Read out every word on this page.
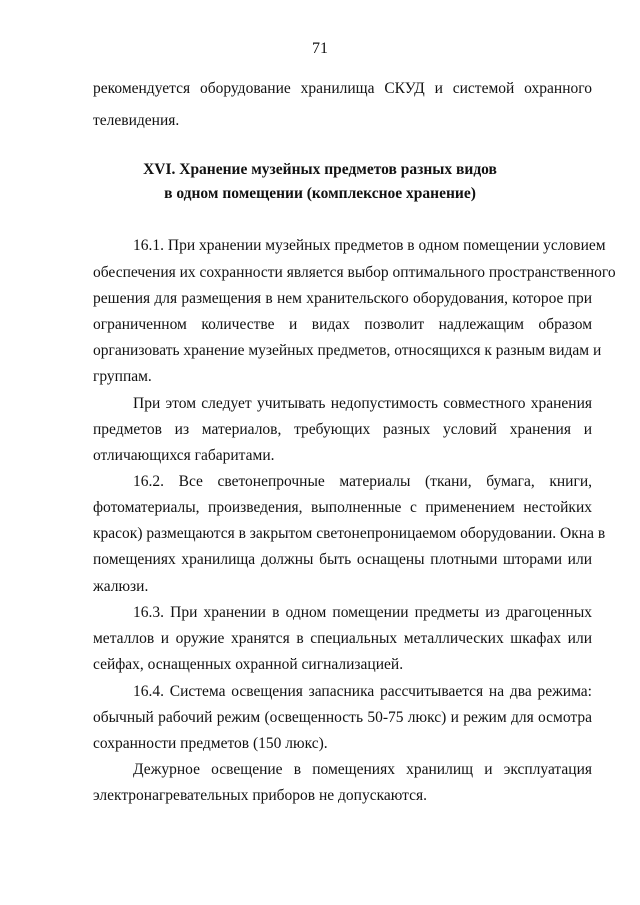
71
рекомендуется оборудование хранилища СКУД и системой охранного
телевидения.
XVI. Хранение музейных предметов разных видов
в одном помещении (комплексное хранение)
16.1. При хранении музейных предметов в одном помещении условием
обеспечения их сохранности является выбор оптимального пространственного
решения для размещения в нем хранительского оборудования, которое при
ограниченном количестве и видах позволит надлежащим образом
организовать хранение музейных предметов, относящихся к разным видам и
группам.
При этом следует учитывать недопустимость совместного хранения
предметов из материалов, требующих разных условий хранения и
отличающихся габаритами.
16.2. Все светонепрочные материалы (ткани, бумага, книги,
фотоматериалы, произведения, выполненные с применением нестойких
красок) размещаются в закрытом светонепроницаемом оборудовании. Окна в
помещениях хранилища должны быть оснащены плотными шторами или
жалюзи.
16.3. При хранении в одном помещении предметы из драгоценных
металлов и оружие хранятся в специальных металлических шкафах или
сейфах, оснащенных охранной сигнализацией.
16.4. Система освещения запасника рассчитывается на два режима:
обычный рабочий режим (освещенность 50-75 люкс) и режим для осмотра
сохранности предметов (150 люкс).
Дежурное освещение в помещениях хранилищ и эксплуатация
электронагревательных приборов не допускаются.
